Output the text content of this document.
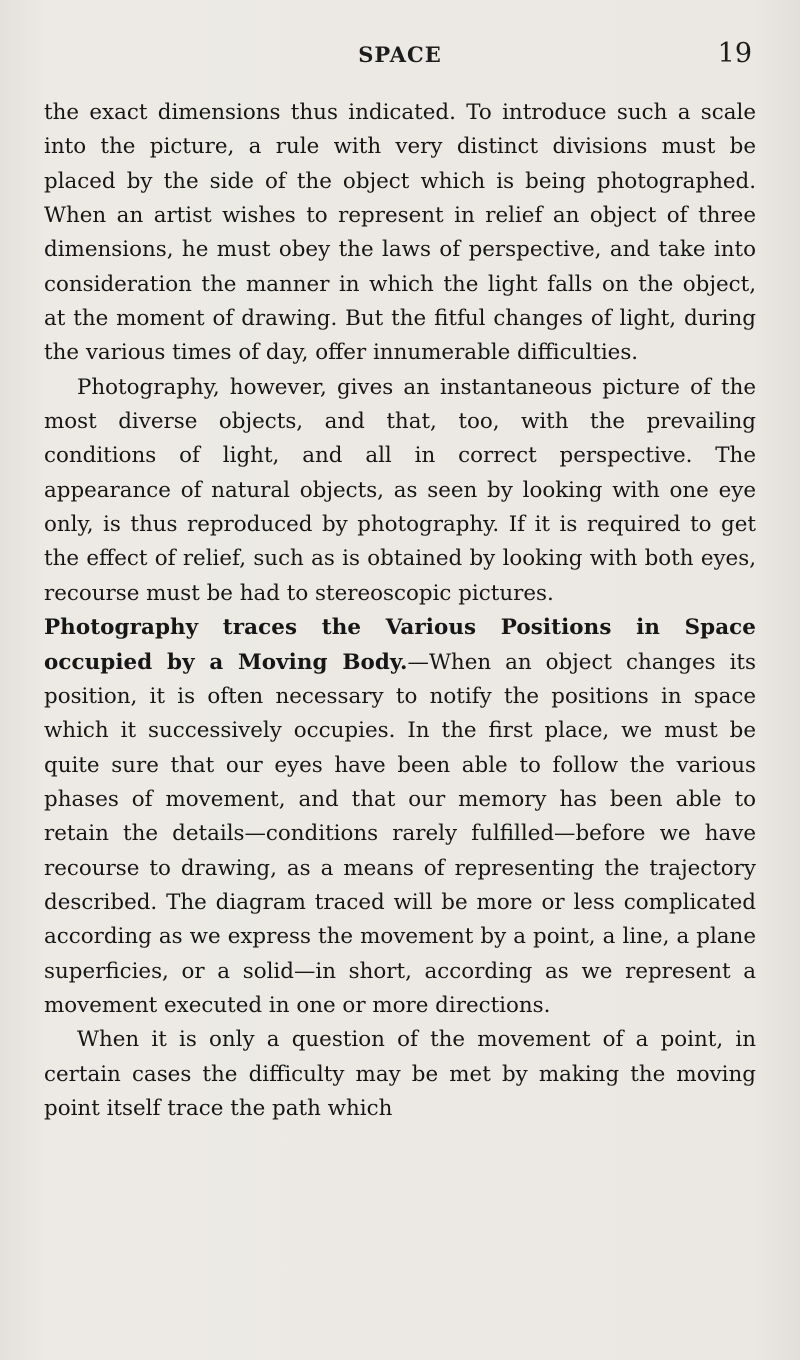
SPACE	19

the exact dimensions thus indicated. To introduce such a scale into the picture, a rule with very distinct divisions must be placed by the side of the object which is being photographed. When an artist wishes to represent in relief an object of three dimensions, he must obey the laws of perspective, and take into consideration the manner in which the light falls on the object, at the moment of drawing. But the fitful changes of light, during the various times of day, offer innumerable difficulties.

Photography, however, gives an instantaneous picture of the most diverse objects, and that, too, with the prevailing conditions of light, and all in correct perspective. The appearance of natural objects, as seen by looking with one eye only, is thus reproduced by photography. If it is required to get the effect of relief, such as is obtained by looking with both eyes, recourse must be had to stereoscopic pictures.

Photography traces the Various Positions in Space occupied by a Moving Body.—When an object changes its position, it is often necessary to notify the positions in space which it successively occupies. In the first place, we must be quite sure that our eyes have been able to follow the various phases of movement, and that our memory has been able to retain the details—conditions rarely fulfilled—before we have recourse to drawing, as a means of representing the trajectory described. The diagram traced will be more or less complicated according as we express the movement by a point, a line, a plane superficies, or a solid—in short, according as we represent a movement executed in one or more directions.

When it is only a question of the movement of a point, in certain cases the difficulty may be met by making the moving point itself trace the path which
